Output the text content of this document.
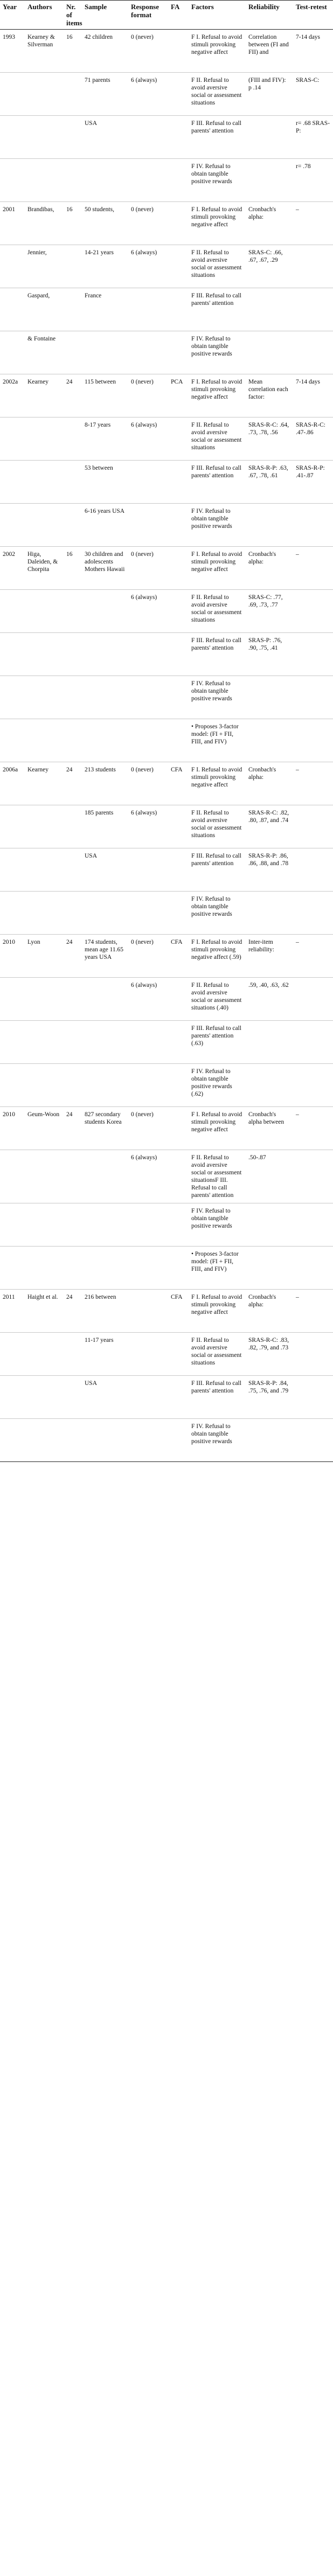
Year	Authors	Nr. of items	Sample	Response format	FA	Factors	Reliability	Test-retest
1993	Kearney & Silverman	16	42 children	0 (never)		F I. Refusal to avoid stimuli provoking negative affect	Correlation between (FI and FII) and	7-14 days
			71 parents	6 (always)		F II. Refusal to avoid aversive social or assessment situations	(FIII and FIV): p .14	SRAS-C:
			USA			F III. Refusal to call parents' attention		r= .68 SRAS-P:
						F IV. Refusal to obtain tangible positive rewards		r= .78
2001	Brandibas,	16	50 students,	0 (never)		F I. Refusal to avoid stimuli provoking negative affect	Cronbach's alpha:	–
	Jennier,		14-21 years	6 (always)		F II. Refusal to avoid aversive social or assessment situations	SRAS-C: .66, .67, .67, .29	
	Gaspard,		France			F III. Refusal to call parents' attention		
	& Fontaine					F IV. Refusal to obtain tangible positive rewards		
2002a	Kearney	24	115 between	0 (never)	PCA	F I. Refusal to avoid stimuli provoking negative affect	Mean correlation each factor:	7-14 days
			8-17 years	6 (always)		F II. Refusal to avoid aversive social or assessment situations	SRAS-R-C: .64, .73, .78, .56	SRAS-R-C: .47-.86
			53 between			F III. Refusal to call parents' attention	SRAS-R-P: .63, .67, .78, .61	SRAS-R-P: .41-.87
			6-16 years USA			F IV. Refusal to obtain tangible positive rewards		
2002	Higa, Daleiden, & Chorpita	16	30 children and adolescents Mothers Hawaii	0 (never)		F I. Refusal to avoid stimuli provoking negative affect	Cronbach's alpha:	–
				6 (always)		F II. Refusal to avoid aversive social or assessment situations	SRAS-C: .77, .69, .73, .77	
						F III. Refusal to call parents' attention	SRAS-P: .76, .90, .75, .41	
						F IV. Refusal to obtain tangible positive rewards		
						• Proposes 3-factor model: (FI + FII, FIII, and FIV)		
2006a	Kearney	24	213 students	0 (never)	CFA	F I. Refusal to avoid stimuli provoking negative affect	Cronbach's alpha:	–
			185 parents	6 (always)		F II. Refusal to avoid aversive social or assessment situations	SRAS-R-C: .82, .80, .87, and .74	
			USA			F III. Refusal to call parents' attention	SRAS-R-P: .86, .86, .88, and .78	
						F IV. Refusal to obtain tangible positive rewards		
2010	Lyon	24	174 students, mean age 11.65 years USA	0 (never)	CFA	F I. Refusal to avoid stimuli provoking negative affect (.59)	Inter-item reliability:	–
				6 (always)		F II. Refusal to avoid aversive social or assessment situations (.40)	.59, .40, .63, .62	
						F III. Refusal to call parents' attention (.63)		
						F IV. Refusal to obtain tangible positive rewards (.62)		
2010	Geum-Woon	24	827 secondary students Korea	0 (never)		F I. Refusal to avoid stimuli provoking negative affect	Cronbach's alpha between	–
				6 (always)		F II. Refusal to avoid aversive social or assessment situationsF III. Refusal to call parents' attention	.50-.87	
						F IV. Refusal to obtain tangible positive rewards		
						• Proposes 3-factor model: (FI + FII, FIII, and FIV)		
2011	Haight et al.	24	216 between		CFA	F I. Refusal to avoid stimuli provoking negative affect	Cronbach's alpha:	–
			11-17 years			F II. Refusal to avoid aversive social or assessment situations	SRAS-R-C: .83, .82, .79, and .73	
			USA			F III. Refusal to call parents' attention	SRAS-R-P: .84, .75, .76, and .79	
						F IV. Refusal to obtain tangible positive rewards		
